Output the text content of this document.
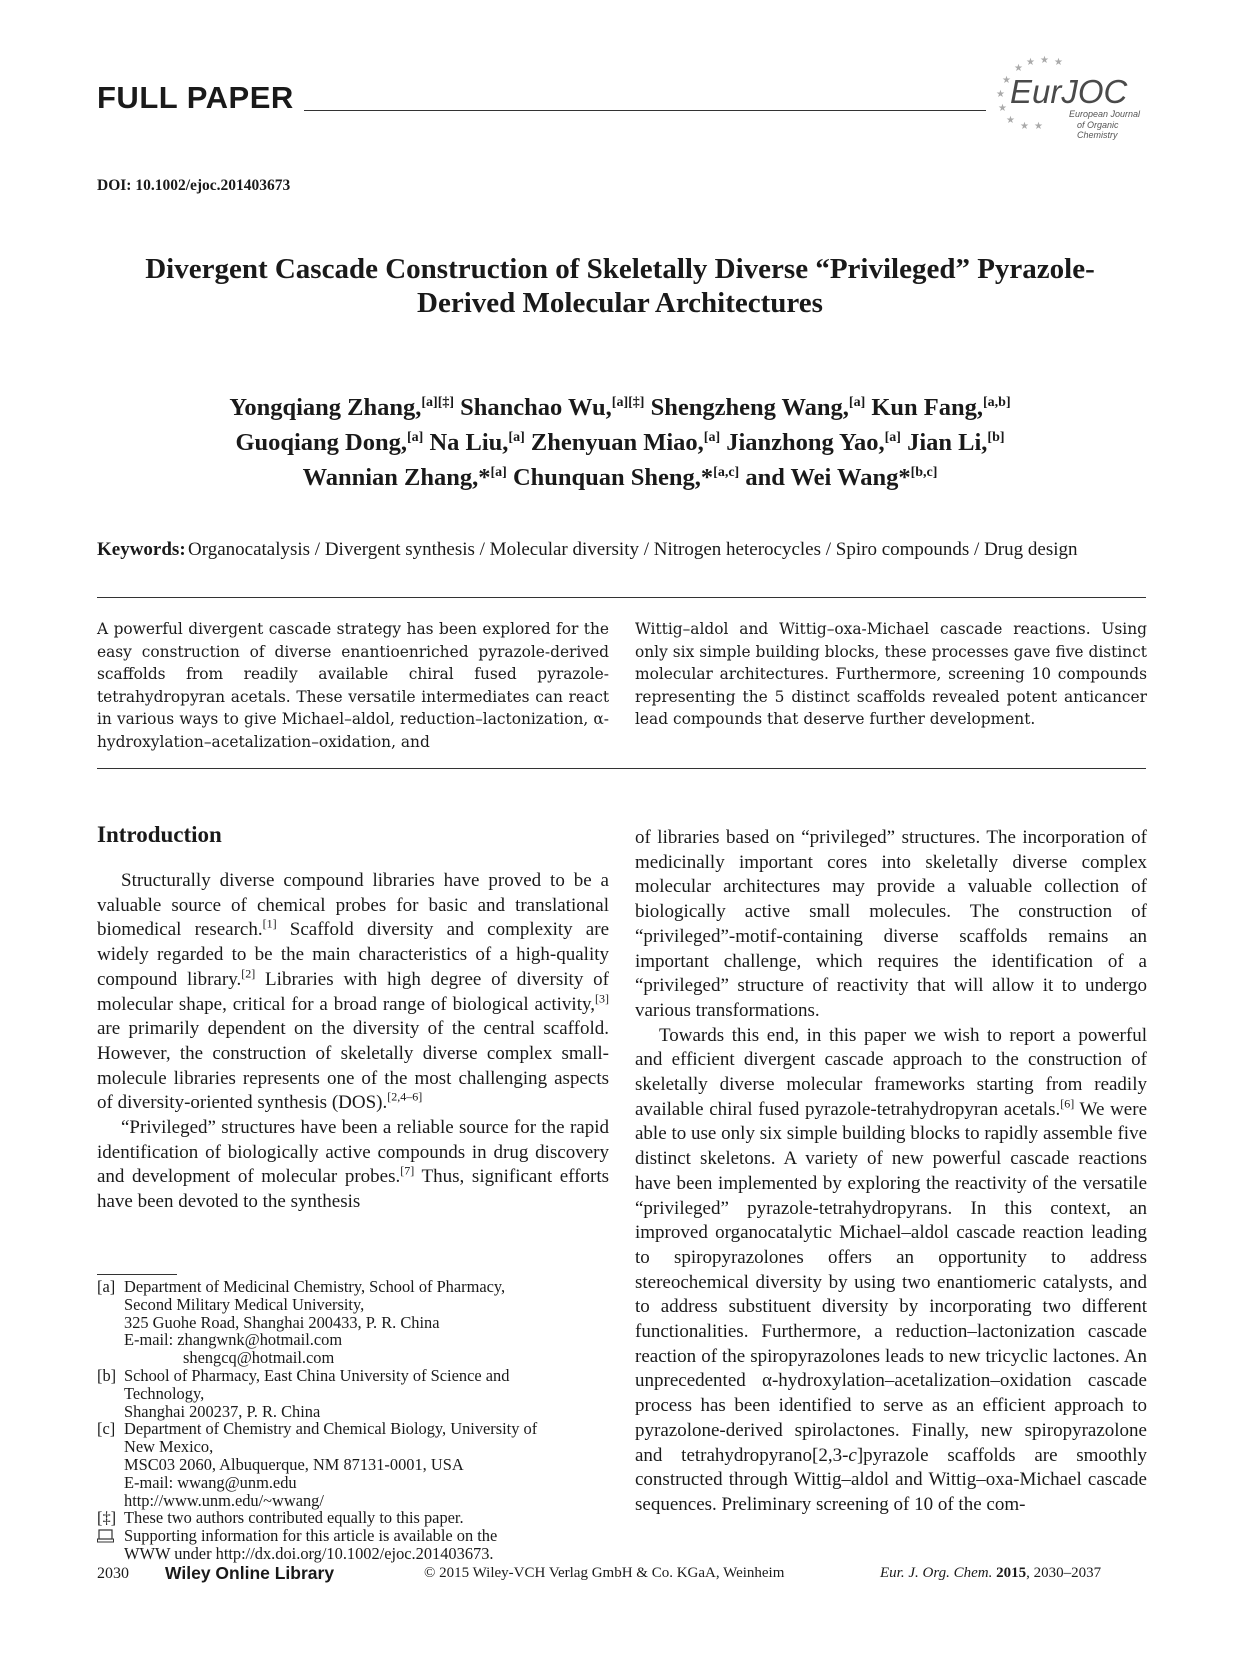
FULL PAPER
★
★ ★ ★
★
★
★
★
★ ★
EurJOC
European Journal
of Organic Chemistry
DOI: 10.1002/ejoc.201403673
Divergent Cascade Construction of Skeletally Diverse “Privileged” Pyrazole-
Derived Molecular Architectures
Yongqiang Zhang,[a][‡] Shanchao Wu,[a][‡] Shengzheng Wang,[a] Kun Fang,[a,b]
Guoqiang Dong,[a] Na Liu,[a] Zhenyuan Miao,[a] Jianzhong Yao,[a] Jian Li,[b]
Wannian Zhang,*[a] Chunquan Sheng,*[a,c] and Wei Wang*[b,c]
Keywords: Organocatalysis / Divergent synthesis / Molecular diversity / Nitrogen heterocycles / Spiro compounds / Drug design
A powerful divergent cascade strategy has been explored for the easy construction of diverse enantioenriched pyrazole-derived scaffolds from readily available chiral fused pyrazole-tetrahydropyran acetals. These versatile intermediates can react in various ways to give Michael–aldol, reduction–lactonization, α-hydroxylation–acetalization–oxidation, and
Wittig–aldol and Wittig–oxa-Michael cascade reactions. Using only six simple building blocks, these processes gave five distinct molecular architectures. Furthermore, screening 10 compounds representing the 5 distinct scaffolds revealed potent anticancer lead compounds that deserve further development.
Introduction

Structurally diverse compound libraries have proved to be a valuable source of chemical probes for basic and translational biomedical research.[1] Scaffold diversity and complexity are widely regarded to be the main characteristics of a high-quality compound library.[2] Libraries with high degree of diversity of molecular shape, critical for a broad range of biological activity,[3] are primarily dependent on the diversity of the central scaffold. However, the construction of skeletally diverse complex small-molecule libraries represents one of the most challenging aspects of diversity-oriented synthesis (DOS).[2,4–6]

“Privileged” structures have been a reliable source for the rapid identification of biologically active compounds in drug discovery and development of molecular probes.[7] Thus, significant efforts have been devoted to the synthesis

of libraries based on “privileged” structures. The incorporation of medicinally important cores into skeletally diverse complex molecular architectures may provide a valuable collection of biologically active small molecules. The construction of “privileged”-motif-containing diverse scaffolds remains an important challenge, which requires the identification of a “privileged” structure of reactivity that will allow it to undergo various transformations.

Towards this end, in this paper we wish to report a powerful and efficient divergent cascade approach to the construction of skeletally diverse molecular frameworks starting from readily available chiral fused pyrazole-tetrahydropyran acetals.[6] We were able to use only six simple building blocks to rapidly assemble five distinct skeletons. A variety of new powerful cascade reactions have been implemented by exploring the reactivity of the versatile “privileged” pyrazole-tetrahydropyrans. In this context, an improved organocatalytic Michael–aldol cascade reaction leading to spiropyrazolones offers an opportunity to address stereochemical diversity by using two enantiomeric catalysts, and to address substituent diversity by incorporating two different functionalities. Furthermore, a reduction–lactonization cascade reaction of the spiropyrazolones leads to new tricyclic lactones. An unprecedented α-hydroxylation–acetalization–oxidation cascade process has been identified to serve as an efficient approach to pyrazolone-derived spirolactones. Finally, new spiropyrazolone and tetrahydropyrano[2,3-c]pyrazole scaffolds are smoothly constructed through Wittig–aldol and Wittig–oxa-Michael cascade sequences. Preliminary screening of 10 of the com-

[a] Department of Medicinal Chemistry, School of Pharmacy,
Second Military Medical University,
325 Guohe Road, Shanghai 200433, P. R. China
E-mail: zhangwnk@hotmail.com
shengcq@hotmail.com
[b] School of Pharmacy, East China University of Science and
Technology,
Shanghai 200237, P. R. China
[c] Department of Chemistry and Chemical Biology, University of
New Mexico,
MSC03 2060, Albuquerque, NM 87131-0001, USA
E-mail: wwang@unm.edu
http://www.unm.edu/~wwang/
[‡] These two authors contributed equally to this paper.
Supporting information for this article is available on the
WWW under http://dx.doi.org/10.1002/ejoc.201403673.
2030 Wiley Online Library	© 2015 Wiley-VCH Verlag GmbH & Co. KGaA, Weinheim	Eur. J. Org. Chem. 2015, 2030–2037
